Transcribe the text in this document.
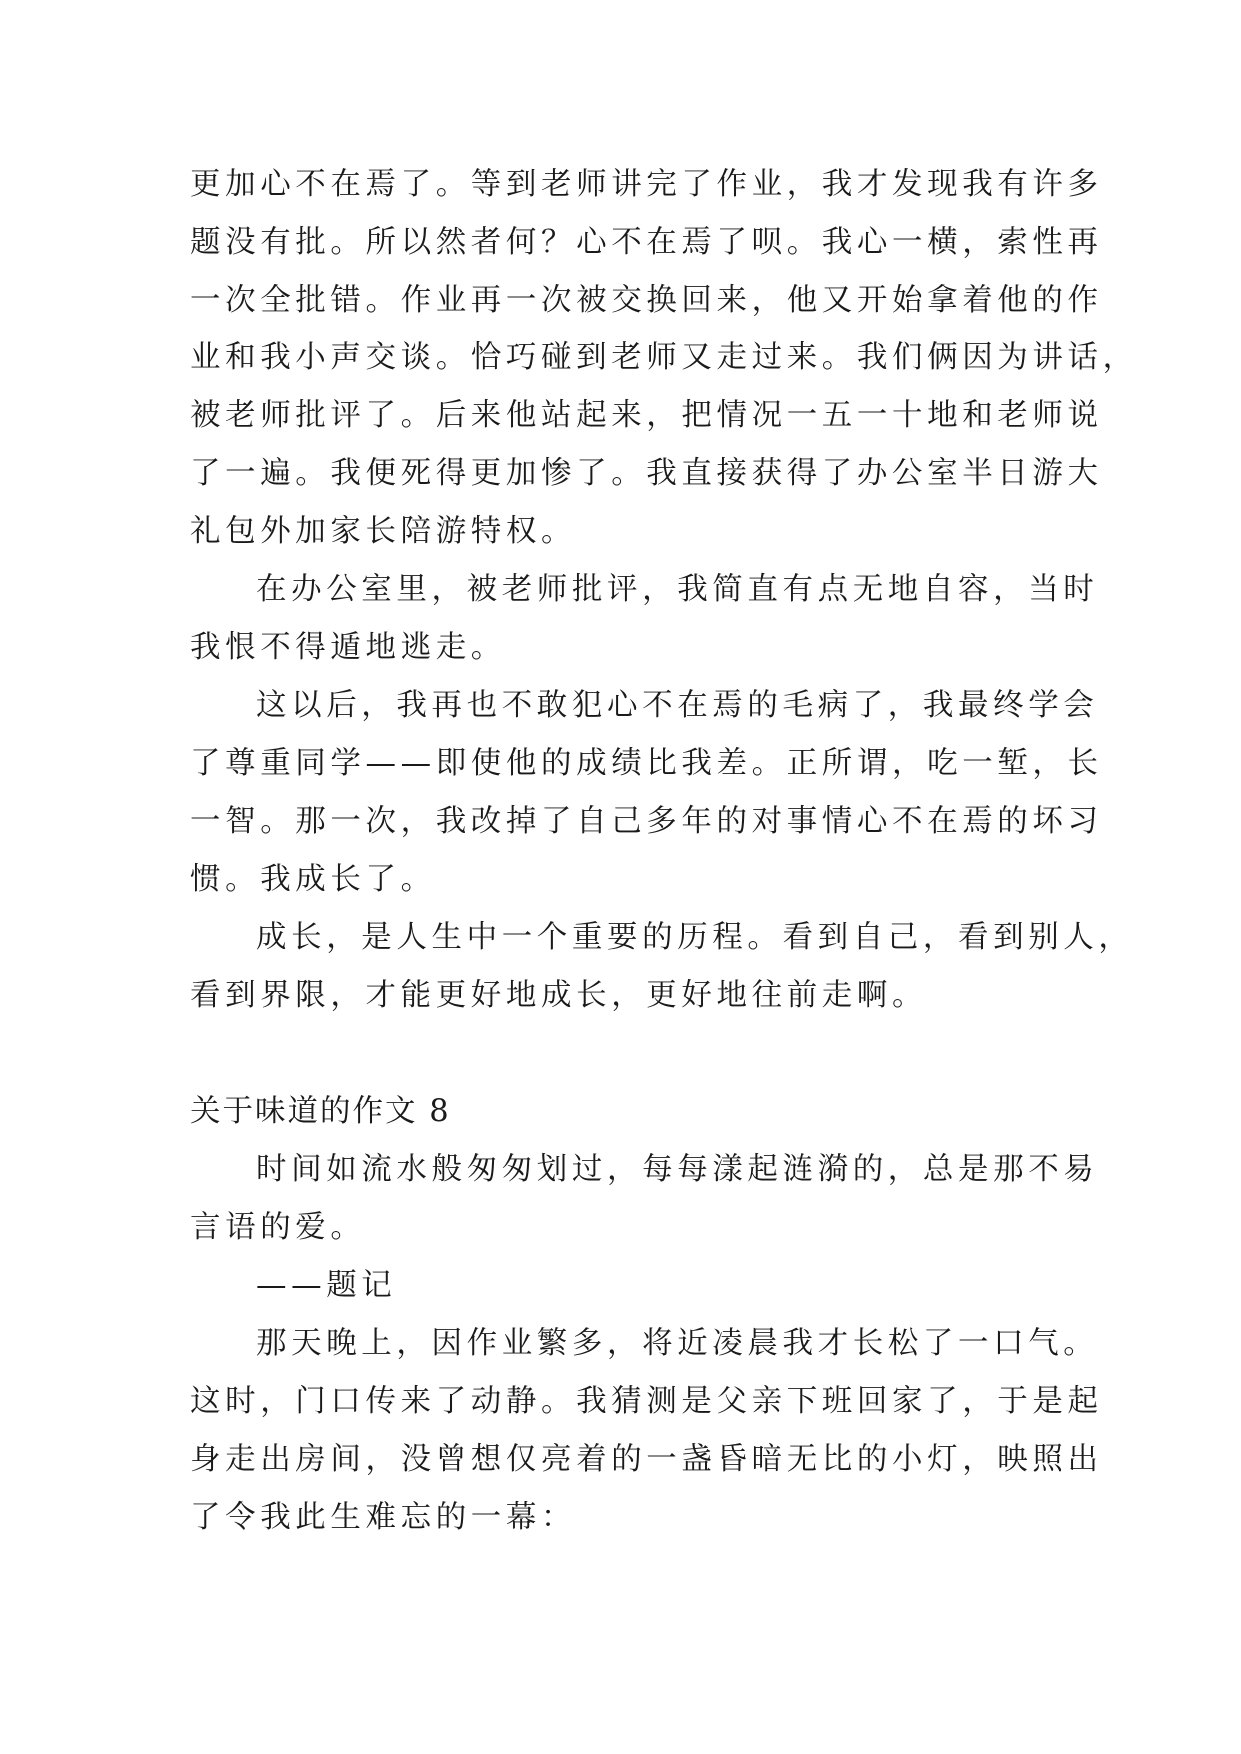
更加心不在焉了。等到老师讲完了作业，我才发现我有许多
题没有批。所以然者何？心不在焉了呗。我心一横，索性再
一次全批错。作业再一次被交换回来，他又开始拿着他的作
业和我小声交谈。恰巧碰到老师又走过来。我们俩因为讲话，
被老师批评了。后来他站起来，把情况一五一十地和老师说
了一遍。我便死得更加惨了。我直接获得了办公室半日游大
礼包外加家长陪游特权。
在办公室里，被老师批评，我简直有点无地自容，当时
我恨不得遁地逃走。
这以后，我再也不敢犯心不在焉的毛病了，我最终学会
了尊重同学——即使他的成绩比我差。正所谓，吃一堑，长
一智。那一次，我改掉了自己多年的对事情心不在焉的坏习
惯。我成长了。
成长，是人生中一个重要的历程。看到自己，看到别人，
看到界限，才能更好地成长，更好地往前走啊。
关于味道的作文 8
时间如流水般匆匆划过，每每漾起涟漪的，总是那不易
言语的爱。
——题记
那天晚上，因作业繁多，将近凌晨我才长松了一口气。
这时，门口传来了动静。我猜测是父亲下班回家了，于是起
身走出房间，没曾想仅亮着的一盏昏暗无比的小灯，映照出
了令我此生难忘的一幕：
